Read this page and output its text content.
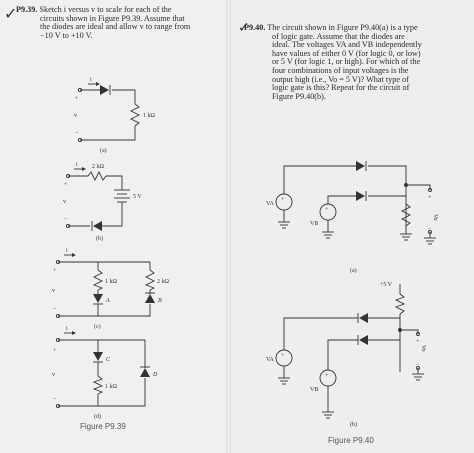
✓
✓
P9.39. Sketch i versus v to scale for each of the
circuits shown in Figure P9.39. Assume that
the diodes are ideal and allow v to range from
−10 V to +10 V.
P9.40. The circuit shown in Figure P9.40(a) is a type
of logic gate. Assume that the diodes are
ideal. The voltages VA and VB independently
have values of either 0 V (for logic 0, or low)
or 5 V (for logic 1, or high). For which of the
four combinations of input voltages is the
output high (i.e., Vo = 5 V)? What type of
logic gate is this? Repeat for the circuit of
Figure P9.40(b).
i
+
v
−
1 kΩ
(a)
i 2 kΩ
5 V
+
v
−
(b)
i
1 kΩ	2 kΩ
A	B
+
v
−
(c)
i
C
D
1 kΩ
+
v
−
(d)
Figure P9.39
+
+
VA
VB
Vo
+
−
(a)
+
+
+5 V
VA
VB
Vo
+
−
(b)
Figure P9.40
